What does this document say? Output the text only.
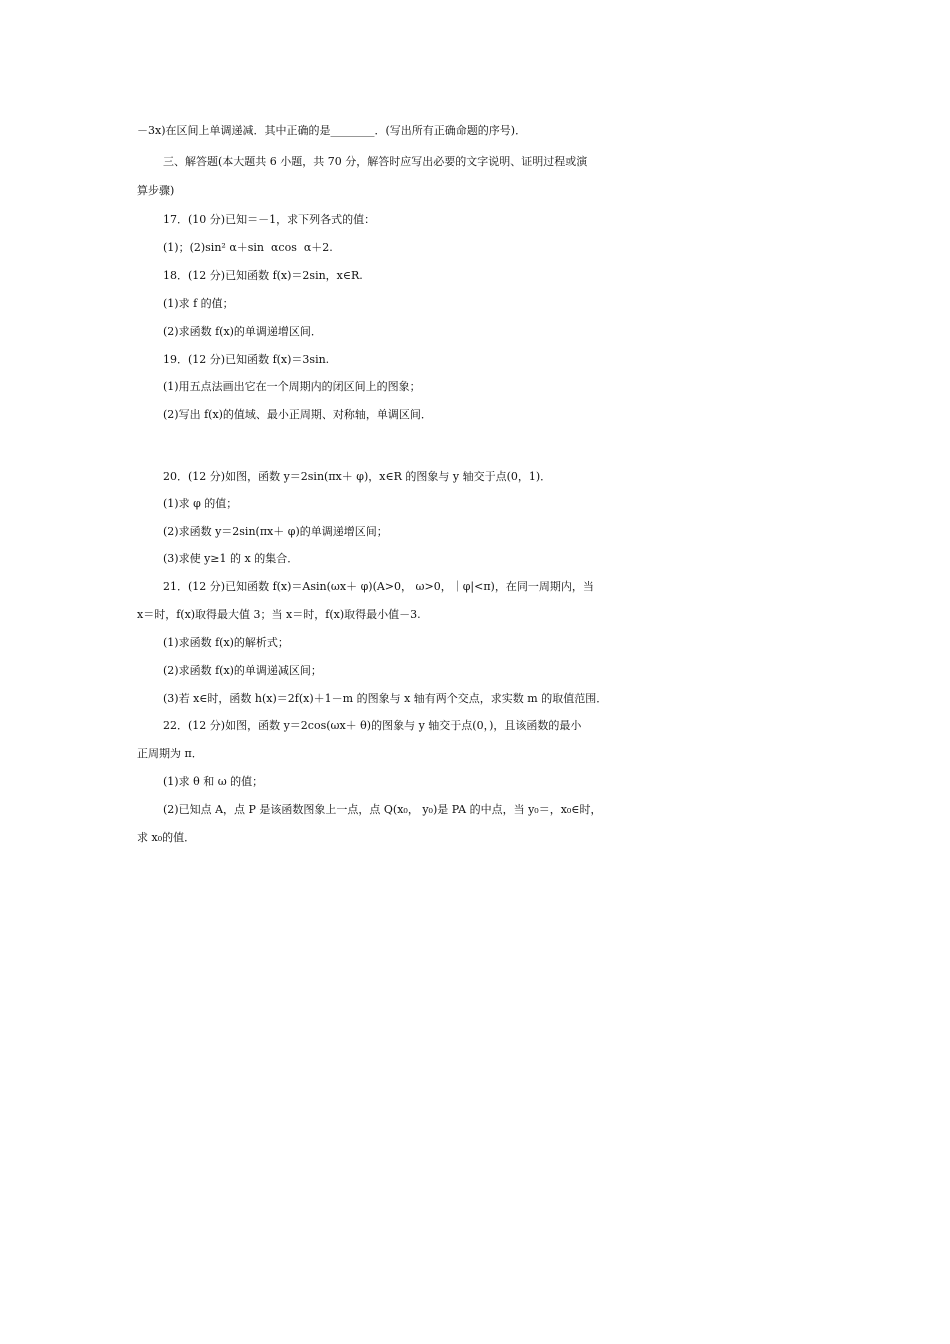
－3x)在区间上单调递减．其中正确的是________．(写出所有正确命题的序号)．
三、解答题(本大题共 6 小题，共 70 分，解答时应写出必要的文字说明、证明过程或演
算步骤)
17．(10 分)已知＝－1，求下列各式的值：
(1)；(2)sin² α＋sin  αcos  α＋2.
18．(12 分)已知函数 f(x)＝2sin，x∈R.
(1)求 f 的值；
(2)求函数 f(x)的单调递增区间．
19．(12 分)已知函数 f(x)＝3sin.
(1)用五点法画出它在一个周期内的闭区间上的图象；
(2)写出 f(x)的值域、最小正周期、对称轴，单调区间．
20．(12 分)如图，函数 y＝2sin(πx＋ φ)，x∈R 的图象与 y 轴交于点(0，1)．
(1)求 φ 的值；
(2)求函数 y＝2sin(πx＋ φ)的单调递增区间；
(3)求使 y≥1 的 x 的集合．
21．(12 分)已知函数 f(x)＝Asin(ωx＋ φ)(A>0， ω>0，｜φ|<π)，在同一周期内，当
x＝时，f(x)取得最大值 3；当 x＝时，f(x)取得最小值－3.
(1)求函数 f(x)的解析式；
(2)求函数 f(x)的单调递减区间；
(3)若 x∈时，函数 h(x)＝2f(x)＋1－m 的图象与 x 轴有两个交点，求实数 m 的取值范围．
22．(12 分)如图，函数 y＝2cos(ωx＋ θ)的图象与 y 轴交于点(0，)，且该函数的最小
正周期为 π．
(1)求 θ 和 ω 的值；
(2)已知点 A，点 P 是该函数图象上一点，点 Q(x₀， y₀)是 PA 的中点，当 y₀＝，x₀∈时，
求 x₀的值．
